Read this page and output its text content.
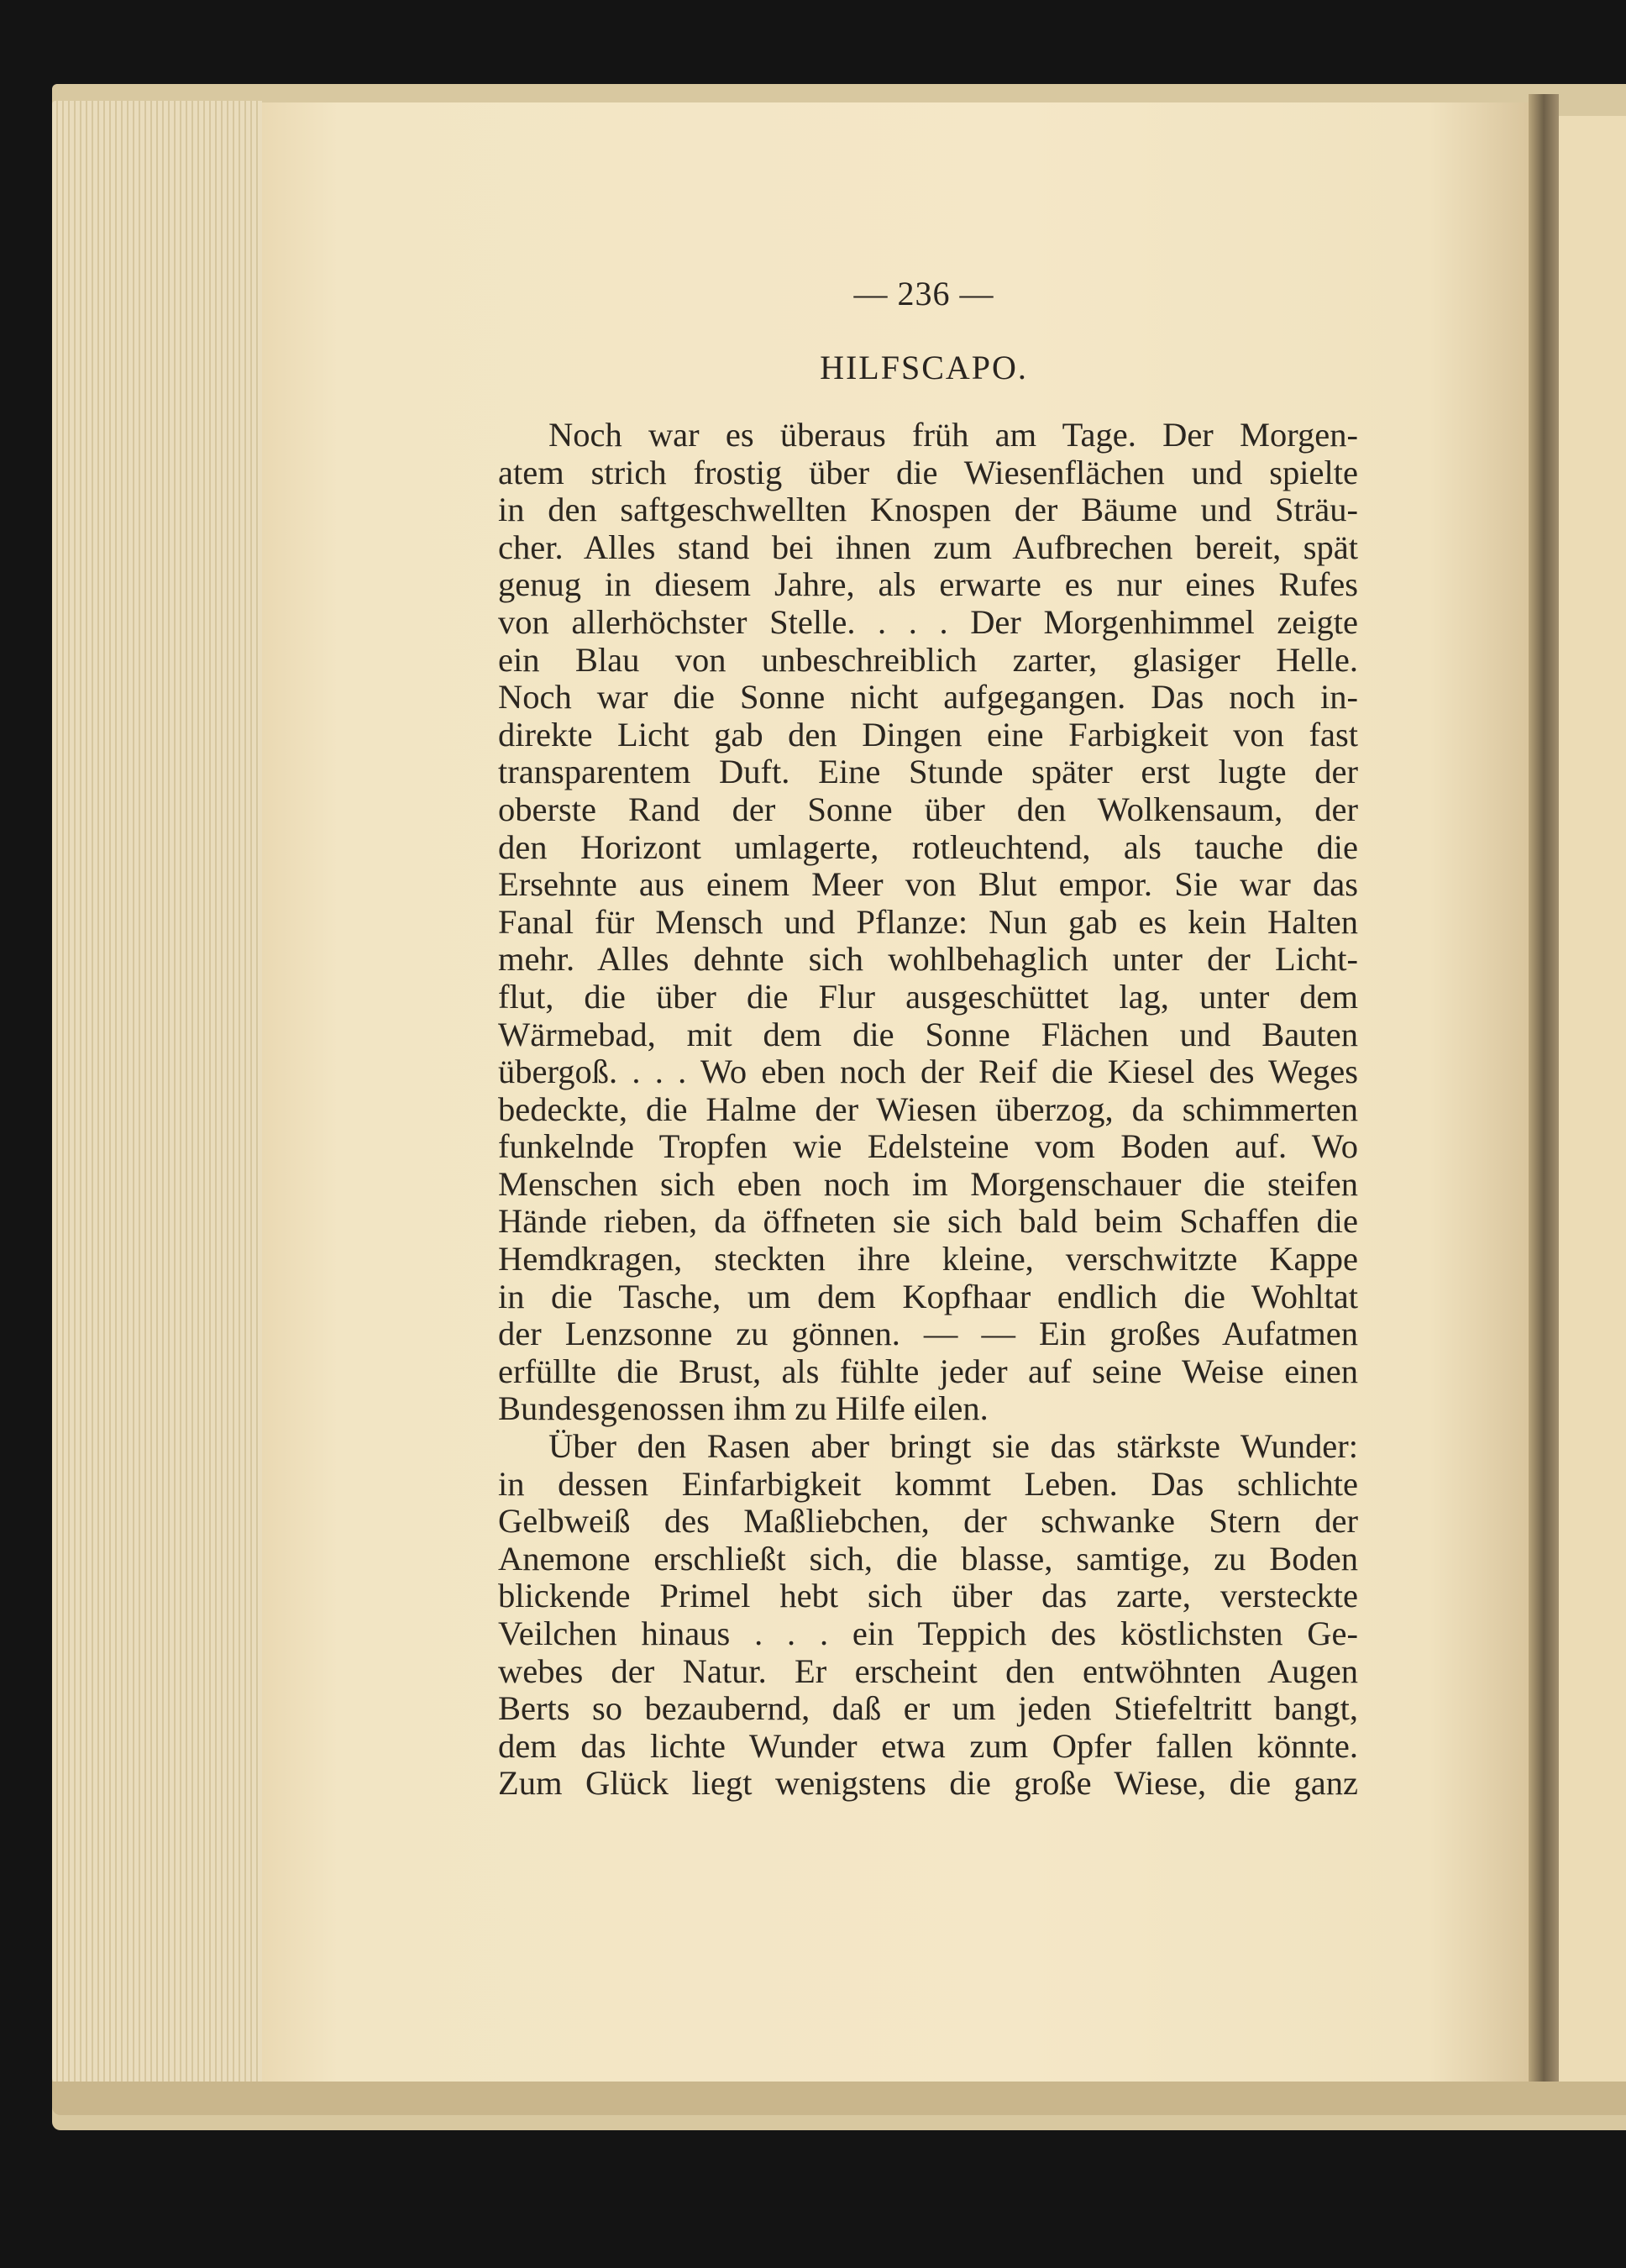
— 236 —
HILFSCAPO.
Noch war es überaus früh am Tage. Der Morgen-
atem strich frostig über die Wiesenflächen und spielte
in den saftgeschwellten Knospen der Bäume und Sträu-
cher. Alles stand bei ihnen zum Aufbrechen bereit, spät
genug in diesem Jahre, als erwarte es nur eines Rufes
von allerhöchster Stelle. . . . Der Morgenhimmel zeigte
ein Blau von unbeschreiblich zarter, glasiger Helle.
Noch war die Sonne nicht aufgegangen. Das noch in-
direkte Licht gab den Dingen eine Farbigkeit von fast
transparentem Duft. Eine Stunde später erst lugte der
oberste Rand der Sonne über den Wolkensaum, der
den Horizont umlagerte, rotleuchtend, als tauche die
Ersehnte aus einem Meer von Blut empor. Sie war das
Fanal für Mensch und Pflanze: Nun gab es kein Halten
mehr. Alles dehnte sich wohlbehaglich unter der Licht-
flut, die über die Flur ausgeschüttet lag, unter dem
Wärmebad, mit dem die Sonne Flächen und Bauten
übergoß. . . . Wo eben noch der Reif die Kiesel des Weges
bedeckte, die Halme der Wiesen überzog, da schimmerten
funkelnde Tropfen wie Edelsteine vom Boden auf. Wo
Menschen sich eben noch im Morgenschauer die steifen
Hände rieben, da öffneten sie sich bald beim Schaffen die
Hemdkragen, steckten ihre kleine, verschwitzte Kappe
in die Tasche, um dem Kopfhaar endlich die Wohltat
der Lenzsonne zu gönnen. — — Ein großes Aufatmen
erfüllte die Brust, als fühlte jeder auf seine Weise einen
Bundesgenossen ihm zu Hilfe eilen.
Über den Rasen aber bringt sie das stärkste Wunder:
in dessen Einfarbigkeit kommt Leben. Das schlichte
Gelbweiß des Maßliebchen, der schwanke Stern der
Anemone erschließt sich, die blasse, samtige, zu Boden
blickende Primel hebt sich über das zarte, versteckte
Veilchen hinaus . . . ein Teppich des köstlichsten Ge-
webes der Natur. Er erscheint den entwöhnten Augen
Berts so bezaubernd, daß er um jeden Stiefeltritt bangt,
dem das lichte Wunder etwa zum Opfer fallen könnte.
Zum Glück liegt wenigstens die große Wiese, die ganz
